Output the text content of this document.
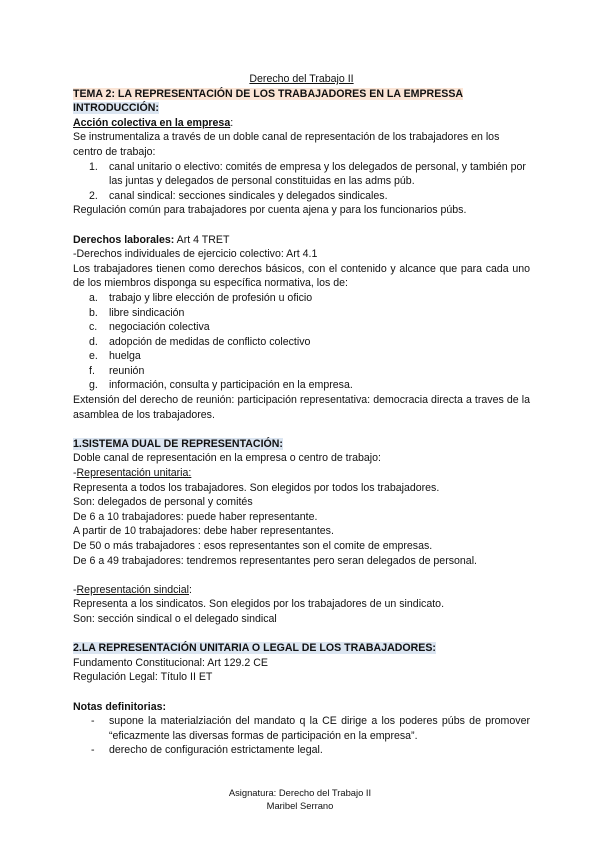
Derecho del Trabajo II

TEMA 2: LA REPRESENTACIÓN DE LOS TRABAJADORES EN LA EMPRESSA

INTRODUCCIÓN:

Acción colectiva en la empresa:

Se instrumentaliza a través de un doble canal de representación de los trabajadores en los centro de trabajo:

1. canal unitario o electivo: comités de empresa y los delegados de personal, y también por las juntas y delegados de personal constituidas en las adms púb.
2. canal sindical: secciones sindicales y delegados sindicales.

Regulación común para trabajadores por cuenta ajena y para los funcionarios púbs.

Derechos laborales: Art 4 TRET

-Derechos individuales de ejercicio colectivo: Art 4.1

Los trabajadores tienen como derechos básicos, con el contenido y alcance que para cada uno de los miembros disponga su específica normativa, los de:

a. trabajo y libre elección de profesión u oficio
b. libre sindicación
c. negociación colectiva
d. adopción de medidas de conflicto colectivo
e. huelga
f. reunión
g. información, consulta y participación en la empresa.

Extensión del derecho de reunión: participación representativa: democracia directa a traves de la asamblea de los trabajadores.

1.SISTEMA DUAL DE REPRESENTACIÓN:

Doble canal de representación en la empresa o centro de trabajo:

-Representación unitaria:

Representa a todos los trabajadores. Son elegidos por todos los trabajadores.

Son: delegados de personal y comités

De 6 a 10 trabajadores: puede haber representante.

A partir de 10 trabajadores: debe haber representantes.

De 50 o más trabajadores : esos representantes son el comite de empresas.

De 6 a 49 trabajadores: tendremos representantes pero seran delegados de personal.

-Representación sindcial:

Representa a los sindicatos. Son elegidos por los trabajadores de un sindicato.

Son: sección sindical o el delegado sindical

2.LA REPRESENTACIÓN UNITARIA O LEGAL DE LOS TRABAJADORES:

Fundamento Constitucional: Art 129.2 CE

Regulación Legal: Título II ET

Notas definitorias:

- supone la materialziación del mandato q la CE dirige a los poderes púbs de promover “eficazmente las diversas formas de participación en la empresa”.
- derecho de configuración estrictamente legal.

Asignatura: Derecho del Trabajo II

Maribel Serrano
